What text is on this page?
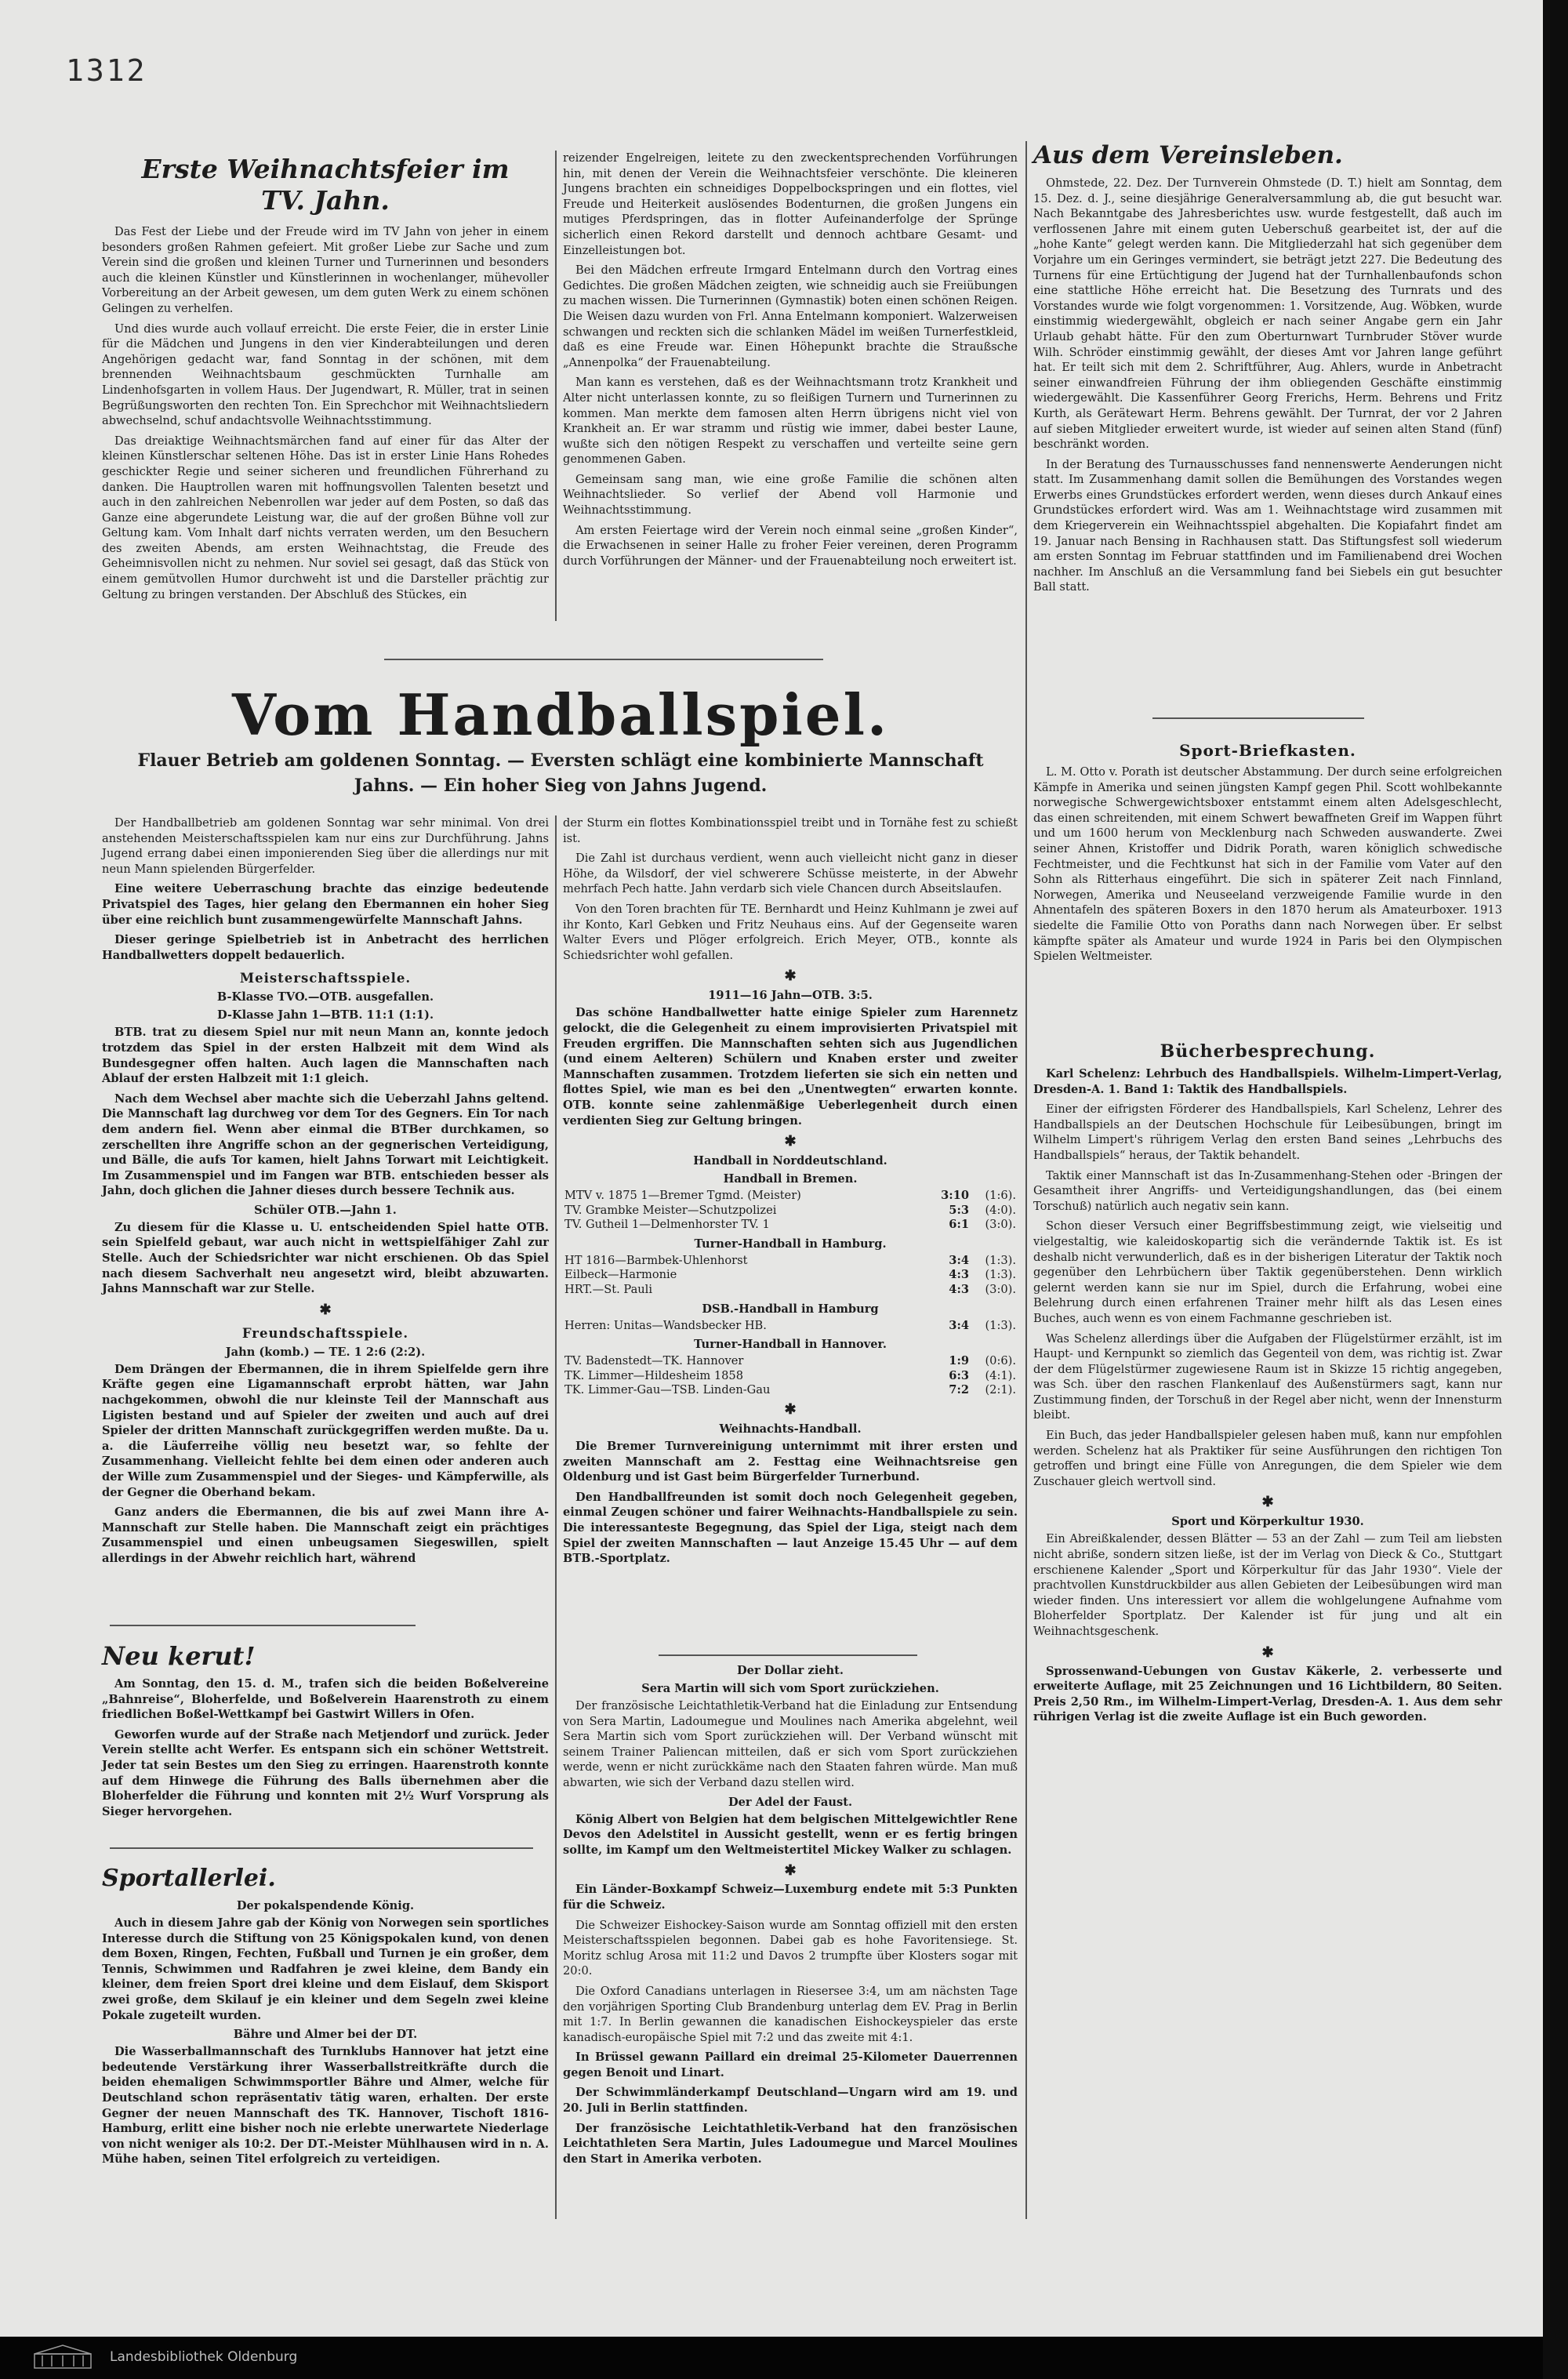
1312
Erste Weihnachtsfeier im TV. Jahn.

Das Fest der Liebe und der Freude wird im TV Jahn von jeher in einem besonders großen Rahmen gefeiert. Mit großer Liebe zur Sache und zum Verein sind die großen und kleinen Turner und Turnerinnen und besonders auch die kleinen Künstler und Künstlerinnen in wochenlanger, mühevoller Vorbereitung an der Arbeit gewesen, um dem guten Werk zu einem schönen Gelingen zu verhelfen.

Und dies wurde auch vollauf erreicht. Die erste Feier, die in erster Linie für die Mädchen und Jungens in den vier Kinderabteilungen und deren Angehörigen gedacht war, fand Sonntag in der schönen, mit dem brennenden Weihnachtsbaum geschmückten Turnhalle am Lindenhofsgarten in vollem Haus. Der Jugendwart, R. Müller, trat in seinen Begrüßungsworten den rechten Ton. Ein Sprechchor mit Weihnachtsliedern abwechselnd, schuf andachtsvolle Weihnachtsstimmung.

Das dreiaktige Weihnachtsmärchen fand auf einer für das Alter der kleinen Künstlerschar seltenen Höhe. Das ist in erster Linie Hans Rohedes geschickter Regie und seiner sicheren und freundlichen Führerhand zu danken. Die Hauptrollen waren mit hoffnungsvollen Talenten besetzt und auch in den zahlreichen Nebenrollen war jeder auf dem Posten, so daß das Ganze eine abgerundete Leistung war, die auf der großen Bühne voll zur Geltung kam. Vom Inhalt darf nichts verraten werden, um den Besuchern des zweiten Abends, am ersten Weihnachtstag, die Freude des Geheimnisvollen nicht zu nehmen. Nur soviel sei gesagt, daß das Stück von einem gemütvollen Humor durchweht ist und die Darsteller prächtig zur Geltung zu bringen verstanden. Der Abschluß des Stückes, ein

reizender Engelreigen, leitete zu den zweckentsprechenden Vorführungen hin, mit denen der Verein die Weihnachtsfeier verschönte. Die kleineren Jungens brachten ein schneidiges Doppelbockspringen und ein flottes, viel Freude und Heiterkeit auslösendes Bodenturnen, die großen Jungens ein mutiges Pferdspringen, das in flotter Aufeinanderfolge der Sprünge sicherlich einen Rekord darstellt und dennoch achtbare Gesamt- und Einzelleistungen bot.

Bei den Mädchen erfreute Irmgard Entelmann durch den Vortrag eines Gedichtes. Die großen Mädchen zeigten, wie schneidig auch sie Freiübungen zu machen wissen. Die Turnerinnen (Gymnastik) boten einen schönen Reigen. Die Weisen dazu wurden von Frl. Anna Entelmann komponiert. Walzerweisen schwangen und reckten sich die schlanken Mädel im weißen Turnerfestkleid, daß es eine Freude war. Einen Höhepunkt brachte die Straußsche „Annenpolka“ der Frauenabteilung.

Man kann es verstehen, daß es der Weihnachtsmann trotz Krankheit und Alter nicht unterlassen konnte, zu so fleißigen Turnern und Turnerinnen zu kommen. Man merkte dem famosen alten Herrn übrigens nicht viel von Krankheit an. Er war stramm und rüstig wie immer, dabei bester Laune, wußte sich den nötigen Respekt zu verschaffen und verteilte seine gern genommenen Gaben.

Gemeinsam sang man, wie eine große Familie die schönen alten Weihnachtslieder. So verlief der Abend voll Harmonie und Weihnachtsstimmung.

Am ersten Feiertage wird der Verein noch einmal seine „großen Kinder“, die Erwachsenen in seiner Halle zu froher Feier vereinen, deren Programm durch Vorführungen der Männer- und der Frauenabteilung noch erweitert ist.

Vom Handballspiel.
Flauer Betrieb am goldenen Sonntag. — Eversten schlägt eine kombinierte Mannschaft Jahns. — Ein hoher Sieg von Jahns Jugend.

Der Handballbetrieb am goldenen Sonntag war sehr minimal. Von drei anstehenden Meisterschaftsspielen kam nur eins zur Durchführung. Jahns Jugend errang dabei einen imponierenden Sieg über die allerdings nur mit neun Mann spielenden Bürgerfelder.

Eine weitere Ueberraschung brachte das einzige bedeutende Privatspiel des Tages, hier gelang den Ebermannen ein hoher Sieg über eine reichlich bunt zusammengewürfelte Mannschaft Jahns.

Dieser geringe Spielbetrieb ist in Anbetracht des herrlichen Handballwetters doppelt bedauerlich.

Meisterschaftsspiele.
B-Klasse TVO.—OTB. ausgefallen.
D-Klasse Jahn 1—BTB. 11:1 (1:1).

BTB. trat zu diesem Spiel nur mit neun Mann an, konnte jedoch trotzdem das Spiel in der ersten Halbzeit mit dem Wind als Bundesgegner offen halten. Auch lagen die Mannschaften nach Ablauf der ersten Halbzeit mit 1:1 gleich.

Nach dem Wechsel aber machte sich die Ueberzahl Jahns geltend. Die Mannschaft lag durchweg vor dem Tor des Gegners. Ein Tor nach dem andern fiel. Wenn aber einmal die BTBer durchkamen, so zerschellten ihre Angriffe schon an der gegnerischen Verteidigung, und Bälle, die aufs Tor kamen, hielt Jahns Torwart mit Leichtigkeit. Im Zusammenspiel und im Fangen war BTB. entschieden besser als Jahn, doch glichen die Jahner dieses durch bessere Technik aus.

Schüler OTB.—Jahn 1.

Zu diesem für die Klasse u. U. entscheidenden Spiel hatte OTB. sein Spielfeld gebaut, war auch nicht in wettspielfähiger Zahl zur Stelle. Auch der Schiedsrichter war nicht erschienen. Ob das Spiel nach diesem Sachverhalt neu angesetzt wird, bleibt abzuwarten. Jahns Mannschaft war zur Stelle.

✱
Freundschaftsspiele.
Jahn (komb.) — TE. 1 2:6 (2:2).

Dem Drängen der Ebermannen, die in ihrem Spielfelde gern ihre Kräfte gegen eine Ligamannschaft erprobt hätten, war Jahn nachgekommen, obwohl die nur kleinste Teil der Mannschaft aus Ligisten bestand und auf Spieler der zweiten und auch auf drei Spieler der dritten Mannschaft zurückgegriffen werden mußte. Da u. a. die Läuferreihe völlig neu besetzt war, so fehlte der Zusammenhang. Vielleicht fehlte bei dem einen oder anderen auch der Wille zum Zusammenspiel und der Sieges- und Kämpferwille, als der Gegner die Oberhand bekam.

Ganz anders die Ebermannen, die bis auf zwei Mann ihre A-Mannschaft zur Stelle haben. Die Mannschaft zeigt ein prächtiges Zusammenspiel und einen unbeugsamen Siegeswillen, spielt allerdings in der Abwehr reichlich hart, während

Neu kerut!

Am Sonntag, den 15. d. M., trafen sich die beiden Boßelvereine „Bahnreise“, Bloherfelde, und Boßelverein Haarenstroth zu einem friedlichen Boßel-Wettkampf bei Gastwirt Willers in Ofen.

Geworfen wurde auf der Straße nach Metjendorf und zurück. Jeder Verein stellte acht Werfer. Es entspann sich ein schöner Wettstreit. Jeder tat sein Bestes um den Sieg zu erringen. Haarenstroth konnte auf dem Hinwege die Führung des Balls übernehmen aber die Bloherfelder die Führung und konnten mit 2½ Wurf Vorsprung als Sieger hervorgehen.

Sportallerlei.
Der pokalspendende König.

Auch in diesem Jahre gab der König von Norwegen sein sportliches Interesse durch die Stiftung von 25 Königspokalen kund, von denen dem Boxen, Ringen, Fechten, Fußball und Turnen je ein großer, dem Tennis, Schwimmen und Radfahren je zwei kleine, dem Bandy ein kleiner, dem freien Sport drei kleine und dem Eislauf, dem Skisport zwei große, dem Skilauf je ein kleiner und dem Segeln zwei kleine Pokale zugeteilt wurden.

Bähre und Almer bei der DT.

Die Wasserballmannschaft des Turnklubs Hannover hat jetzt eine bedeutende Verstärkung ihrer Wasserballstreitkräfte durch die beiden ehemaligen Schwimmsportler Bähre und Almer, welche für Deutschland schon repräsentativ tätig waren, erhalten. Der erste Gegner der neuen Mannschaft des TK. Hannover, Tischoft 1816-Hamburg, erlitt eine bisher noch nie erlebte unerwartete Niederlage von nicht weniger als 10:2. Der DT.-Meister Mühlhausen wird in n. A. Mühe haben, seinen Titel erfolgreich zu verteidigen.

der Sturm ein flottes Kombinationsspiel treibt und in Tornähe fest zu schießt ist.

Die Zahl ist durchaus verdient, wenn auch vielleicht nicht ganz in dieser Höhe, da Wilsdorf, der viel schwerere Schüsse meisterte, in der Abwehr mehrfach Pech hatte. Jahn verdarb sich viele Chancen durch Abseitslaufen.

Von den Toren brachten für TE. Bernhardt und Heinz Kuhlmann je zwei auf ihr Konto, Karl Gebken und Fritz Neuhaus eins. Auf der Gegenseite waren Walter Evers und Plöger erfolgreich. Erich Meyer, OTB., konnte als Schiedsrichter wohl gefallen.

✱
1911—16 Jahn—OTB. 3:5.

Das schöne Handballwetter hatte einige Spieler zum Harennetz gelockt, die die Gelegenheit zu einem improvisierten Privatspiel mit Freuden ergriffen. Die Mannschaften sehten sich aus Jugendlichen (und einem Aelteren) Schülern und Knaben erster und zweiter Mannschaften zusammen. Trotzdem lieferten sie sich ein netten und flottes Spiel, wie man es bei den „Unentwegten“ erwarten konnte. OTB. konnte seine zahlenmäßige Ueberlegenheit durch einen verdienten Sieg zur Geltung bringen.

✱
Handball in Norddeutschland.
Handball in Bremen.
MTV v. 1875 1—Bremer Tgmd. (Meister)	3:10	(1:6).
TV. Grambke Meister—Schutzpolizei	5:3	(4:0).
TV. Gutheil 1—Delmenhorster TV. 1	6:1	(3:0).
Turner-Handball in Hamburg.
HT 1816—Barmbek-Uhlenhorst	3:4	(1:3).
Eilbeck—Harmonie	4:3	(1:3).
HRT.—St. Pauli	4:3	(3:0).
DSB.-Handball in Hamburg
Herren: Unitas—Wandsbecker HB.	3:4	(1:3).
Turner-Handball in Hannover.
TV. Badenstedt—TK. Hannover	1:9	(0:6).
TK. Limmer—Hildesheim 1858	6:3	(4:1).
TK. Limmer-Gau—TSB. Linden-Gau	7:2	(2:1).
✱
Weihnachts-Handball.

Die Bremer Turnvereinigung unternimmt mit ihrer ersten und zweiten Mannschaft am 2. Festtag eine Weihnachtsreise gen Oldenburg und ist Gast beim Bürgerfelder Turnerbund.

Den Handballfreunden ist somit doch noch Gelegenheit gegeben, einmal Zeugen schöner und fairer Weihnachts-Handballspiele zu sein. Die interessanteste Begegnung, das Spiel der Liga, steigt nach dem Spiel der zweiten Mannschaften — laut Anzeige 15.45 Uhr — auf dem BTB.-Sportplatz.

Der Dollar zieht.
Sera Martin will sich vom Sport zurückziehen.

Der französische Leichtathletik-Verband hat die Einladung zur Entsendung von Sera Martin, Ladoumegue und Moulines nach Amerika abgelehnt, weil Sera Martin sich vom Sport zurückziehen will. Der Verband wünscht mit seinem Trainer Paliencan mitteilen, daß er sich vom Sport zurückziehen werde, wenn er nicht zurückkäme nach den Staaten fahren würde. Man muß abwarten, wie sich der Verband dazu stellen wird.

Der Adel der Faust.

König Albert von Belgien hat dem belgischen Mittelgewichtler Rene Devos den Adelstitel in Aussicht gestellt, wenn er es fertig bringen sollte, im Kampf um den Weltmeistertitel Mickey Walker zu schlagen.

✱

Ein Länder-Boxkampf Schweiz—Luxemburg endete mit 5:3 Punkten für die Schweiz.

Die Schweizer Eishockey-Saison wurde am Sonntag offiziell mit den ersten Meisterschaftsspielen begonnen. Dabei gab es hohe Favoritensiege. St. Moritz schlug Arosa mit 11:2 und Davos 2 trumpfte über Klosters sogar mit 20:0.

Die Oxford Canadians unterlagen in Riesersee 3:4, um am nächsten Tage den vorjährigen Sporting Club Brandenburg unterlag dem EV. Prag in Berlin mit 1:7. In Berlin gewannen die kanadischen Eishockeyspieler das erste kanadisch-europäische Spiel mit 7:2 und das zweite mit 4:1.

In Brüssel gewann Paillard ein dreimal 25-Kilometer Dauerrennen gegen Benoit und Linart.

Der Schwimmländerkampf Deutschland—Ungarn wird am 19. und 20. Juli in Berlin stattfinden.

Der französische Leichtathletik-Verband hat den französischen Leichtathleten Sera Martin, Jules Ladoumegue und Marcel Moulines den Start in Amerika verboten.

Aus dem Vereinsleben.

Ohmstede, 22. Dez. Der Turnverein Ohmstede (D. T.) hielt am Sonntag, dem 15. Dez. d. J., seine diesjährige Generalversammlung ab, die gut besucht war. Nach Bekanntgabe des Jahresberichtes usw. wurde festgestellt, daß auch im verflossenen Jahre mit einem guten Ueberschuß gearbeitet ist, der auf die „hohe Kante“ gelegt werden kann. Die Mitgliederzahl hat sich gegenüber dem Vorjahre um ein Geringes vermindert, sie beträgt jetzt 227. Die Bedeutung des Turnens für eine Ertüchtigung der Jugend hat der Turnhallenbaufonds schon eine stattliche Höhe erreicht hat. Die Besetzung des Turnrats und des Vorstandes wurde wie folgt vorgenommen: 1. Vorsitzende, Aug. Wöbken, wurde einstimmig wiedergewählt, obgleich er nach seiner Angabe gern ein Jahr Urlaub gehabt hätte. Für den zum Oberturnwart Turnbruder Stöver wurde Wilh. Schröder einstimmig gewählt, der dieses Amt vor Jahren lange geführt hat. Er teilt sich mit dem 2. Schriftführer, Aug. Ahlers, wurde in Anbetracht seiner einwandfreien Führung der ihm obliegenden Geschäfte einstimmig wiedergewählt. Die Kassenführer Georg Frerichs, Herm. Behrens und Fritz Kurth, als Gerätewart Herm. Behrens gewählt. Der Turnrat, der vor 2 Jahren auf sieben Mitglieder erweitert wurde, ist wieder auf seinen alten Stand (fünf) beschränkt worden.

In der Beratung des Turnausschusses fand nennenswerte Aenderungen nicht statt. Im Zusammenhang damit sollen die Bemühungen des Vorstandes wegen Erwerbs eines Grundstückes erfordert werden, wenn dieses durch Ankauf eines Grundstückes erfordert wird. Was am 1. Weihnachtstage wird zusammen mit dem Kriegerverein ein Weihnachtsspiel abgehalten. Die Kopiafahrt findet am 19. Januar nach Bensing in Rachhausen statt. Das Stiftungsfest soll wiederum am ersten Sonntag im Februar stattfinden und im Familienabend drei Wochen nachher. Im Anschluß an die Versammlung fand bei Siebels ein gut besuchter Ball statt.

Sport-Briefkasten.

L. M. Otto v. Porath ist deutscher Abstammung. Der durch seine erfolgreichen Kämpfe in Amerika und seinen jüngsten Kampf gegen Phil. Scott wohlbekannte norwegische Schwergewichtsboxer entstammt einem alten Adelsgeschlecht, das einen schreitenden, mit einem Schwert bewaffneten Greif im Wappen führt und um 1600 herum von Mecklenburg nach Schweden auswanderte. Zwei seiner Ahnen, Kristoffer und Didrik Porath, waren königlich schwedische Fechtmeister, und die Fechtkunst hat sich in der Familie vom Vater auf den Sohn als Ritterhaus eingeführt. Die sich in späterer Zeit nach Finnland, Norwegen, Amerika und Neuseeland verzweigende Familie wurde in den Ahnentafeln des späteren Boxers in den 1870 herum als Amateurboxer. 1913 siedelte die Familie Otto von Poraths dann nach Norwegen über. Er selbst kämpfte später als Amateur und wurde 1924 in Paris bei den Olympischen Spielen Weltmeister.

Bücherbesprechung.

Karl Schelenz: Lehrbuch des Handballspiels. Wilhelm-Limpert-Verlag, Dresden-A. 1. Band 1: Taktik des Handballspiels.

Einer der eifrigsten Förderer des Handballspiels, Karl Schelenz, Lehrer des Handballspiels an der Deutschen Hochschule für Leibesübungen, bringt im Wilhelm Limpert's rührigem Verlag den ersten Band seines „Lehrbuchs des Handballspiels“ heraus, der Taktik behandelt.

Taktik einer Mannschaft ist das In-Zusammenhang-Stehen oder -Bringen der Gesamtheit ihrer Angriffs- und Verteidigungshandlungen, das (bei einem Torschuß) natürlich auch negativ sein kann.

Schon dieser Versuch einer Begriffsbestimmung zeigt, wie vielseitig und vielgestaltig, wie kaleidoskopartig sich die verändernde Taktik ist. Es ist deshalb nicht verwunderlich, daß es in der bisherigen Literatur der Taktik noch gegenüber den Lehrbüchern über Taktik gegenüberstehen. Denn wirklich gelernt werden kann sie nur im Spiel, durch die Erfahrung, wobei eine Belehrung durch einen erfahrenen Trainer mehr hilft als das Lesen eines Buches, auch wenn es von einem Fachmanne geschrieben ist.

Was Schelenz allerdings über die Aufgaben der Flügelstürmer erzählt, ist im Haupt- und Kernpunkt so ziemlich das Gegenteil von dem, was richtig ist. Zwar der dem Flügelstürmer zugewiesene Raum ist in Skizze 15 richtig angegeben, was Sch. über den raschen Flankenlauf des Außenstürmers sagt, kann nur Zustimmung finden, der Torschuß in der Regel aber nicht, wenn der Innensturm bleibt.

Ein Buch, das jeder Handballspieler gelesen haben muß, kann nur empfohlen werden. Schelenz hat als Praktiker für seine Ausführungen den richtigen Ton getroffen und bringt eine Fülle von Anregungen, die dem Spieler wie dem Zuschauer gleich wertvoll sind.

✱
Sport und Körperkultur 1930.

Ein Abreißkalender, dessen Blätter — 53 an der Zahl — zum Teil am liebsten nicht abriße, sondern sitzen ließe, ist der im Verlag von Dieck & Co., Stuttgart erschienene Kalender „Sport und Körperkultur für das Jahr 1930“. Viele der prachtvollen Kunstdruckbilder aus allen Gebieten der Leibesübungen wird man wieder finden. Uns interessiert vor allem die wohlgelungene Aufnahme vom Bloherfelder Sportplatz. Der Kalender ist für jung und alt ein Weihnachtsgeschenk.

✱

Sprossenwand-Uebungen von Gustav Käkerle, 2. verbesserte und erweiterte Auflage, mit 25 Zeichnungen und 16 Lichtbildern, 80 Seiten. Preis 2,50 Rm., im Wilhelm-Limpert-Verlag, Dresden-A. 1. Aus dem sehr rührigen Verlag ist die zweite Auflage ist ein Buch geworden.

Landesbibliothek Oldenburg
